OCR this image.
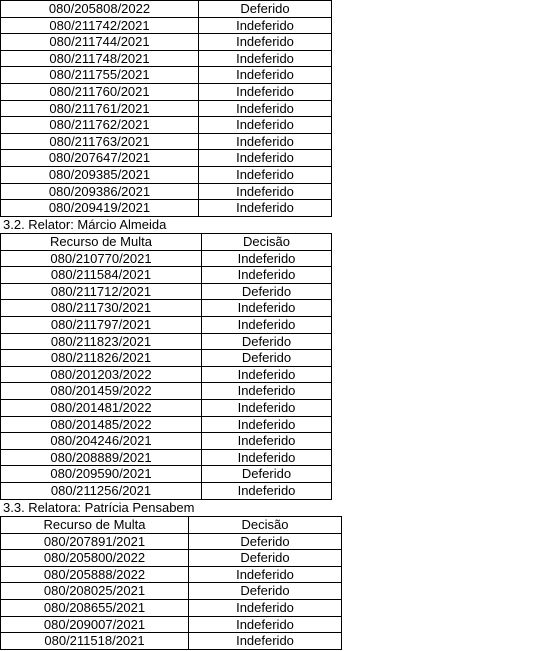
080/205808/2022	Deferido
080/211742/2021	Indeferido
080/211744/2021	Indeferido
080/211748/2021	Indeferido
080/211755/2021	Indeferido
080/211760/2021	Indeferido
080/211761/2021	Indeferido
080/211762/2021	Indeferido
080/211763/2021	Indeferido
080/207647/2021	Indeferido
080/209385/2021	Indeferido
080/209386/2021	Indeferido
080/209419/2021	Indeferido
3.2. Relator: Márcio Almeida
Recurso de Multa	Decisão
080/210770/2021	Indeferido
080/211584/2021	Indeferido
080/211712/2021	Deferido
080/211730/2021	Indeferido
080/211797/2021	Indeferido
080/211823/2021	Deferido
080/211826/2021	Deferido
080/201203/2022	Indeferido
080/201459/2022	Indeferido
080/201481/2022	Indeferido
080/201485/2022	Indeferido
080/204246/2021	Indeferido
080/208889/2021	Indeferido
080/209590/2021	Deferido
080/211256/2021	Indeferido
3.3. Relatora: Patrícia Pensabem
Recurso de Multa	Decisão
080/207891/2021	Deferido
080/205800/2022	Deferido
080/205888/2022	Indeferido
080/208025/2021	Deferido
080/208655/2021	Indeferido
080/209007/2021	Indeferido
080/211518/2021	Indeferido
